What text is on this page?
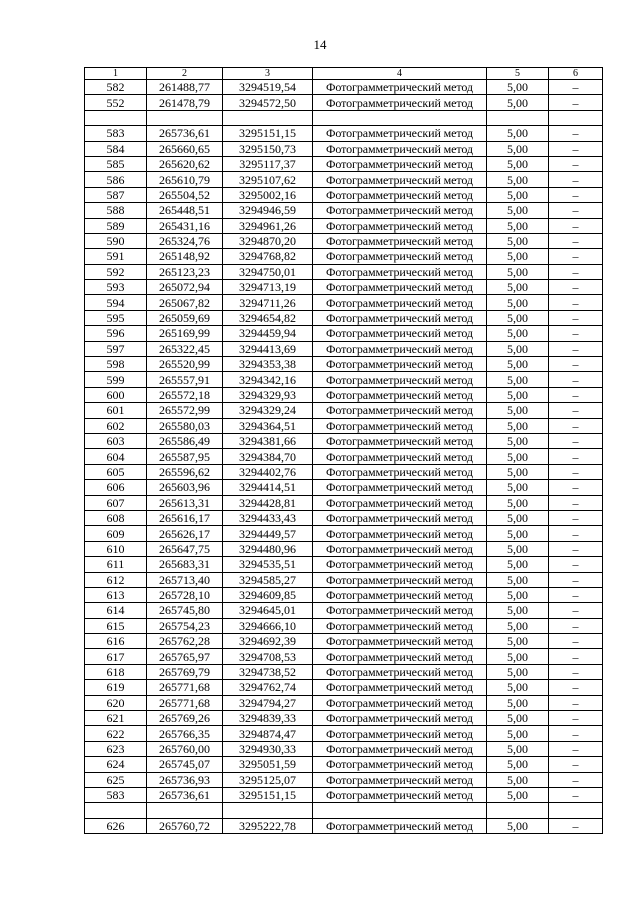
14
1	2	3	4	5	6
582	261488,77	3294519,54	Фотограмметрический метод	5,00	–
552	261478,79	3294572,50	Фотограмметрический метод	5,00	–

583	265736,61	3295151,15	Фотограмметрический метод	5,00	–
584	265660,65	3295150,73	Фотограмметрический метод	5,00	–
585	265620,62	3295117,37	Фотограмметрический метод	5,00	–
586	265610,79	3295107,62	Фотограмметрический метод	5,00	–
587	265504,52	3295002,16	Фотограмметрический метод	5,00	–
588	265448,51	3294946,59	Фотограмметрический метод	5,00	–
589	265431,16	3294961,26	Фотограмметрический метод	5,00	–
590	265324,76	3294870,20	Фотограмметрический метод	5,00	–
591	265148,92	3294768,82	Фотограмметрический метод	5,00	–
592	265123,23	3294750,01	Фотограмметрический метод	5,00	–
593	265072,94	3294713,19	Фотограмметрический метод	5,00	–
594	265067,82	3294711,26	Фотограмметрический метод	5,00	–
595	265059,69	3294654,82	Фотограмметрический метод	5,00	–
596	265169,99	3294459,94	Фотограмметрический метод	5,00	–
597	265322,45	3294413,69	Фотограмметрический метод	5,00	–
598	265520,99	3294353,38	Фотограмметрический метод	5,00	–
599	265557,91	3294342,16	Фотограмметрический метод	5,00	–
600	265572,18	3294329,93	Фотограмметрический метод	5,00	–
601	265572,99	3294329,24	Фотограмметрический метод	5,00	–
602	265580,03	3294364,51	Фотограмметрический метод	5,00	–
603	265586,49	3294381,66	Фотограмметрический метод	5,00	–
604	265587,95	3294384,70	Фотограмметрический метод	5,00	–
605	265596,62	3294402,76	Фотограмметрический метод	5,00	–
606	265603,96	3294414,51	Фотограмметрический метод	5,00	–
607	265613,31	3294428,81	Фотограмметрический метод	5,00	–
608	265616,17	3294433,43	Фотограмметрический метод	5,00	–
609	265626,17	3294449,57	Фотограмметрический метод	5,00	–
610	265647,75	3294480,96	Фотограмметрический метод	5,00	–
611	265683,31	3294535,51	Фотограмметрический метод	5,00	–
612	265713,40	3294585,27	Фотограмметрический метод	5,00	–
613	265728,10	3294609,85	Фотограмметрический метод	5,00	–
614	265745,80	3294645,01	Фотограмметрический метод	5,00	–
615	265754,23	3294666,10	Фотограмметрический метод	5,00	–
616	265762,28	3294692,39	Фотограмметрический метод	5,00	–
617	265765,97	3294708,53	Фотограмметрический метод	5,00	–
618	265769,79	3294738,52	Фотограмметрический метод	5,00	–
619	265771,68	3294762,74	Фотограмметрический метод	5,00	–
620	265771,68	3294794,27	Фотограмметрический метод	5,00	–
621	265769,26	3294839,33	Фотограмметрический метод	5,00	–
622	265766,35	3294874,47	Фотограмметрический метод	5,00	–
623	265760,00	3294930,33	Фотограмметрический метод	5,00	–
624	265745,07	3295051,59	Фотограмметрический метод	5,00	–
625	265736,93	3295125,07	Фотограмметрический метод	5,00	–
583	265736,61	3295151,15	Фотограмметрический метод	5,00	–

626	265760,72	3295222,78	Фотограмметрический метод	5,00	–
